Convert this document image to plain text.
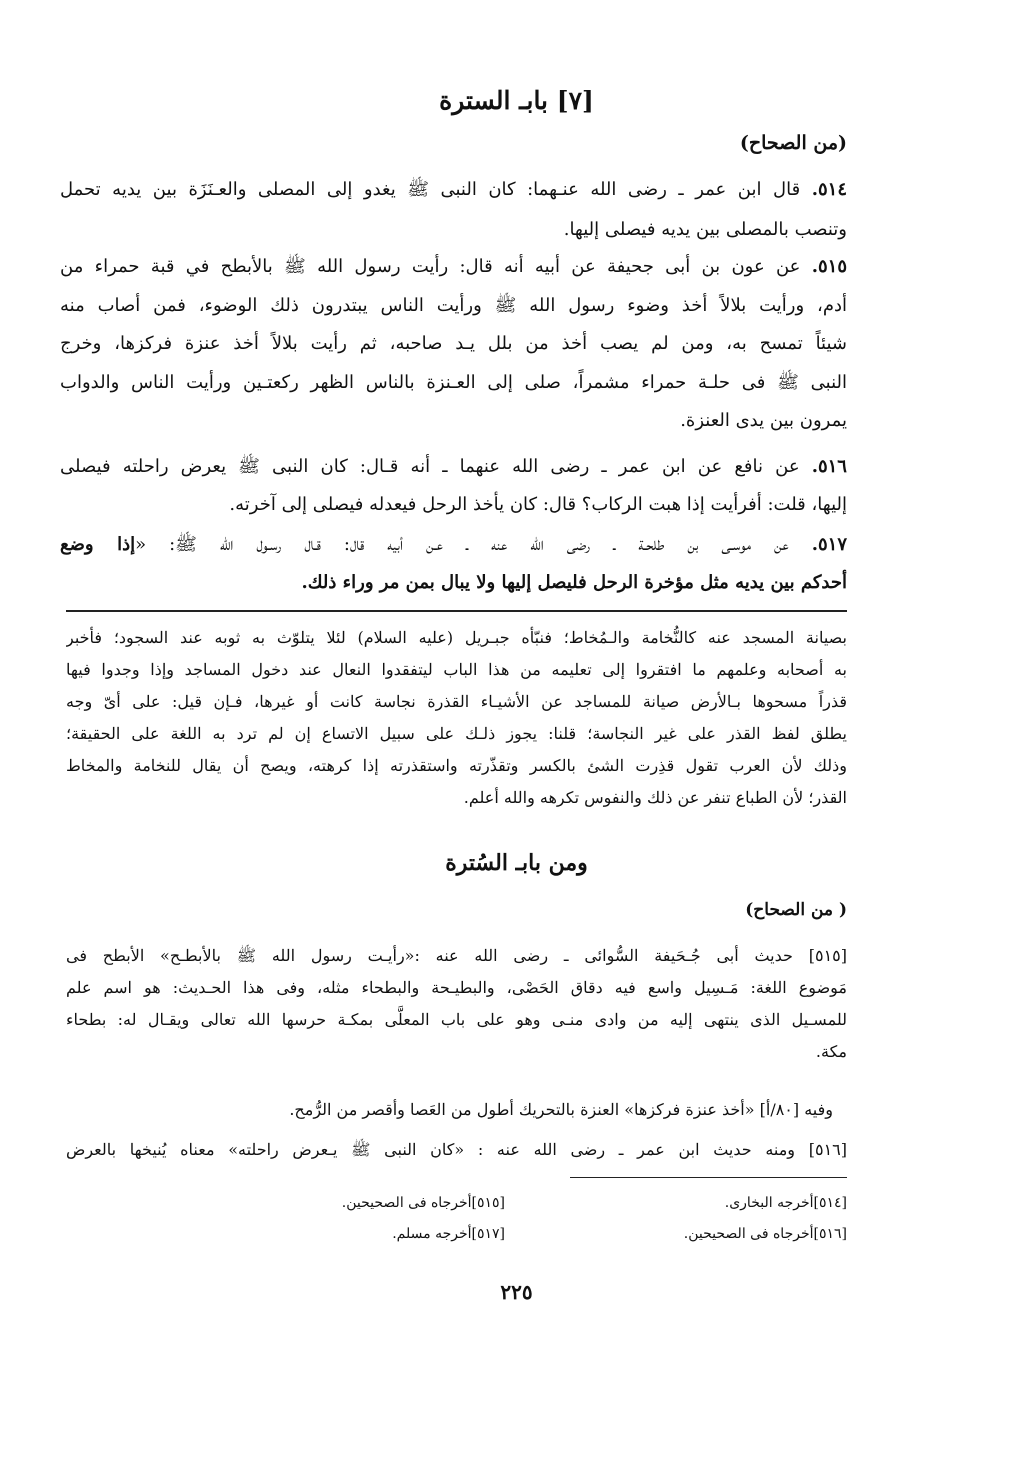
[٧] بابـ السترة
(من الصحاح)
٥١٤. قال ابن عمر ـ رضى الله عنـهما: كان النبى ﷺ يغدو إلى المصلى والعـنَزَة بين يديه تحمل
وتنصب بالمصلى بين يديه فيصلى إليها.
٥١٥. عن عون بن أبى جحيفة عن أبيه أنه قال: رأيت رسول الله ﷺ بالأبطح في قبة حمراء من
أدم، ورأيت بلالاً أخذ وضوء رسول الله ﷺ ورأيت الناس يبتدرون ذلك الوضوء، فمن أصاب منه
شيئاً تمسح به، ومن لم يصب أخذ من بلل يـد صاحبه، ثم رأيت بلالاً أخذ عنزة فركزها، وخرج
النبى ﷺ فى حلـة حمراء مشمراً، صلى إلى العـنزة بالناس الظهر ركعتـين ورأيت الناس والدواب
يمرون بين يدى العنزة.
٥١٦. عن نافع عن ابن عمر ـ رضى الله عنهما ـ أنه قـال: كان النبى ﷺ يعرض راحلته فيصلى
إليها، قلت: أفرأيت إذا هبت الركاب؟ قال: كان يأخذ الرحل فيعدله فيصلى إلى آخرته.
٥١٧. عن موسـى بن طلحـة ـ رضى الله عنه ـ عـن أبيه قال: قـال رسـول الله ﷺ: «إذا وضع
أحدكم بين يديه مثل مؤخرة الرحل فليصل إليها ولا يبال بمن مر وراء ذلك.
بصيانة المسجد عنه كالنُّخامة والـمُخاط؛ فنبّأه جبـريل (عليه السلام) لئلا يتلوّث به ثوبه عند السجود؛ فأخبر
به أصحابه وعلمهم ما افتقروا إلى تعليمه من هذا الباب ليتفقدوا النعال عند دخول المساجد وإذا وجدوا فيها
قذراً مسحوها بـالأرض صيانة للمساجد عن الأشيـاء القذرة نجاسة كانت أو غيرها، فـإن قيل: على أىّ وجه
يطلق لفظ القذر على غير النجاسة؛ قلنا: يجوز ذلـك على سبيل الاتساع إن لم ترد به اللغة على الحقيقة؛
وذلك لأن العرب تقول قذِرت الشئ بالكسر وتقذّرته واستقذرته إذا كرهته، ويصح أن يقال للنخامة والمخاط
القذر؛ لأن الطباع تنفر عن ذلك والنفوس تكرهه والله أعلم.
ومن بابـ السُترة
( من الصحاح)
[٥١٥] حديث أبى جُـحَيفة السُّوائى ـ رضى الله عنه :«رأيـت رسول الله ﷺ بالأبطـح» الأبطح فى
مَوضوع اللغة: مَـسِيل واسع فيه دقاق الحَصْى، والبطيـحة والبطحاء مثله، وفى هذا الحـديث: هو اسم علم
للمسـيل الذى ينتهى إليه من وادى منـى وهو على باب المعلَّى بمكـة حرسها الله تعالى ويقـال له: بطحاء
مكة.
وفيه [٨٠/أ] «أخذ عنزة فركزها» العنزة بالتحريك أطول من العَصا وأقصر من الرُّمح.
[٥١٦] ومنه حديث ابن عمر ـ رضى الله عنه : «كان النبى ﷺ يـعرض راحلته» معناه يُنيخها بالعرض
[٥١٤]أخرجه البخارى.
[٥١٥]أخرجاه فى الصحيحين.
[٥١٦]أخرجاه فى الصحيحين.
[٥١٧]أخرجه مسلم.
٢٢٥
